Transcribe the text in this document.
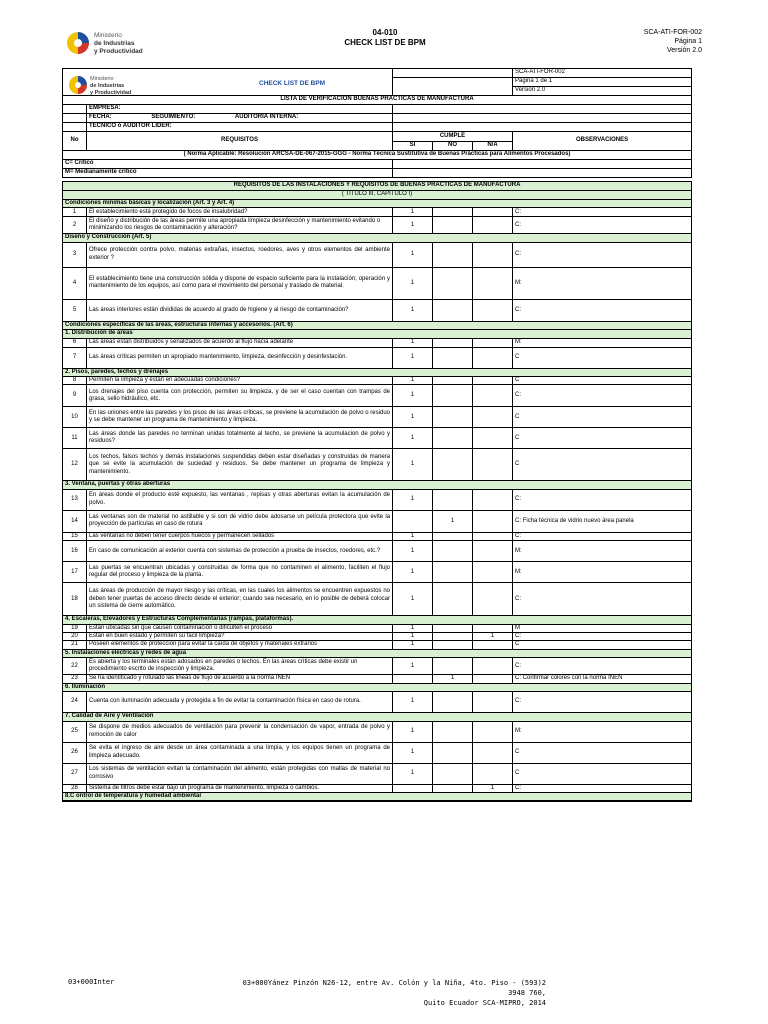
Ministerio
de Industrias
y Productividad
04-010
CHECK LIST DE BPM
SCA-ATI-FOR-002
Página 1
Versión 2.0
Ministerio
de Industrias
y Productividad
CHECK LIST DE BPM					SCA-ATI-FOR-002
					Página 1 de 1
					Versión 2.0
LISTA DE VERIFICACIÓN BUENAS PRÁCTICAS DE MANUFACTURA					
	EMPRESA:				
	FECHA: SEGUIMIENTO: AUDITORÍA INTERNA:				
	TÉCNICO ó AUDITOR LIDER:				
No	REQUISITOS	CUMPLE			OBSERVACIONES
		SI	NO	N/A	
( Norma Aplicable: Resolución ARCSA-DE-067-2015-GGG - Norma Técnica Sustitutiva de Buenas Prácticas para Alimentos Procesados)					
C= Crítico					
M= Medianamente crítico					

REQUISITOS DE LAS INSTALACIONES Y REQUISITOS DE BUENAS PRÁCTICAS DE MANUFACTURA					
( TÍTULO III, CAPÍTULO I)					
Condiciones mínimas básicas y localización (Art. 3 y Art. 4)					
1	El establecimiento está protegido de focos de insalubridad?	1			C:
2	El diseño y distribución de las áreas permite una apropiada limpieza desinfección y mantenimiento evitando o minimizando los riesgos de contaminación y alteración?	1			C:
Diseño y Construcción (Art. 5)					
3	Ofrece protección contra polvo, materias extrañas, insectos, roedores, aves y otros elementos del ambiente exterior ?	1			C:
4	El establecimiento tiene una construcción sólida y dispone de espacio suficiente para la instalación; operación y mantenimiento de los equipos, así como para el movimiento del personal y traslado de material.	1			M:
5	Las áreas interiores están divididas de acuerdo al grado de higiene y al riesgo de contaminación?	1			C:
Condiciones específicas de las áreas, estructuras internas y accesorios. (Art. 6)					
1. Distribución de áreas					
6	Las áreas están distribuidos y señalizados de acuerdo al flujo hacia adelante	1			M:
7	Las áreas críticas permiten un apropiado mantenimiento, limpieza, desinfección y desinfestación.	1			C
2. Pisos, paredes, techos y drenajes					
8	Permiten la limpieza y están en adecuadas condiciones?	1			C
9	Los drenajes del piso cuenta con protección, permiten su limpieza, y de ser el caso cuentan con trampas de grasa, sello hidráulico, etc.	1			C:
10	En las uniones entre las paredes y los pisos de las áreas críticas, se previene la acumulación de polvo o residuo y se debe mantener un programa de mantenimiento y limpieza.	1			C
11	Las áreas donde las paredes no terminan unidas totalmente al techo, se previene la acumulacion de polvo y residuos?	1			C
12	Los techos, falsos techos y demás instalaciones suspendidas deben estar diseñadas y construidas de manera que se evite la acumulación de suciedad y residuos. Se debe mantener un programa de limpieza y mantenimiento.	1			C
3. Ventana, puertas y otras aberturas					
13	En áreas donde el producto esté expuesto, las ventanas , repisas y otras aberturas evitan la acumulación de polvo.	1			C:
14	Las ventanas son de material no astillable y si son de vidrio debe adosarse un película protectora que evite la proyección de partículas en caso de rotura		1		C: Ficha técnica de vidrio nuevo área panela
15	Las ventanas no deben tener cuerpos huecos y permanecen sellados	1			C:
16	En caso de comunicación al exterior cuenta con sistemas de protección a prueba de insectos, roedores, etc.?	1			M:
17	Las puertas se encuentran ubicadas y construidas de forma que no contaminen el alimento, faciliten el flujo regular del proceso y limpieza de la planta.	1			M:
18	Las áreas de producción de mayor riesgo y las críticas, en las cuales los alimentos se encuentren expuestos no deben tener puertas de acceso directo desde el exterior; cuando sea necesario, en lo posible de deberá colocar un sistema de cierre automático.	1			C:
4. Escaleras, Elevadores y Estructuras Complementarias (rampas, plataformas).					
19	Están ubicadas sin que causen contaminación o dificulten el proceso	1			M
20	Están en buen estado y permiten su facil limpieza?	1		1	C:
21	Poseen elementos de protección para evitar la caída de objetos y materiales extraños	1			C
5. Instalaciones eléctricas y redes de agua					
22	Es abierta y los terminales están adosados en paredes o techos. En las áreas críticas debe existir un procedimiento escrito de inspección y limpieza.	1			C:
23	Se ha identificado y rotulado las lineas de flujo de acuerdo a la norma INEN		1		C: Confirmar colores con la norma INEN
6. Iluminación					
24	Cuenta con iluminación adecuada y protegida a fin de evitar la contaminación física en caso de rotura.	1			C:
7. Calidad de Aire y Ventilación					
25	Se dispone de medios adecuados de ventilación para prevenir la condensación de vapor, entrada de polvo y remoción de calor	1			M:
26	Se evita el ingreso de aire desde un área contaminada a una limpia, y los equipos tienen un programa de limpieza adecuado.	1			C
27	Los sistemas de ventilación evitan la contaminación del alimento, están protegidas con mallas de material no corrosivo	1			C
28	Sistema de filtros debe estar bajo un programa de mantenimiento, limpieza o cambios.			1	C:
8.C ontrol de temperatura y humedad ambiental					
03+000Inter	03+000Yánez Pinzón N26-12, entre Av. Colón y la Niña, 4to. Piso - (593)2 3948 760,
Quito Ecuador SCA-MIPRO, 2014
